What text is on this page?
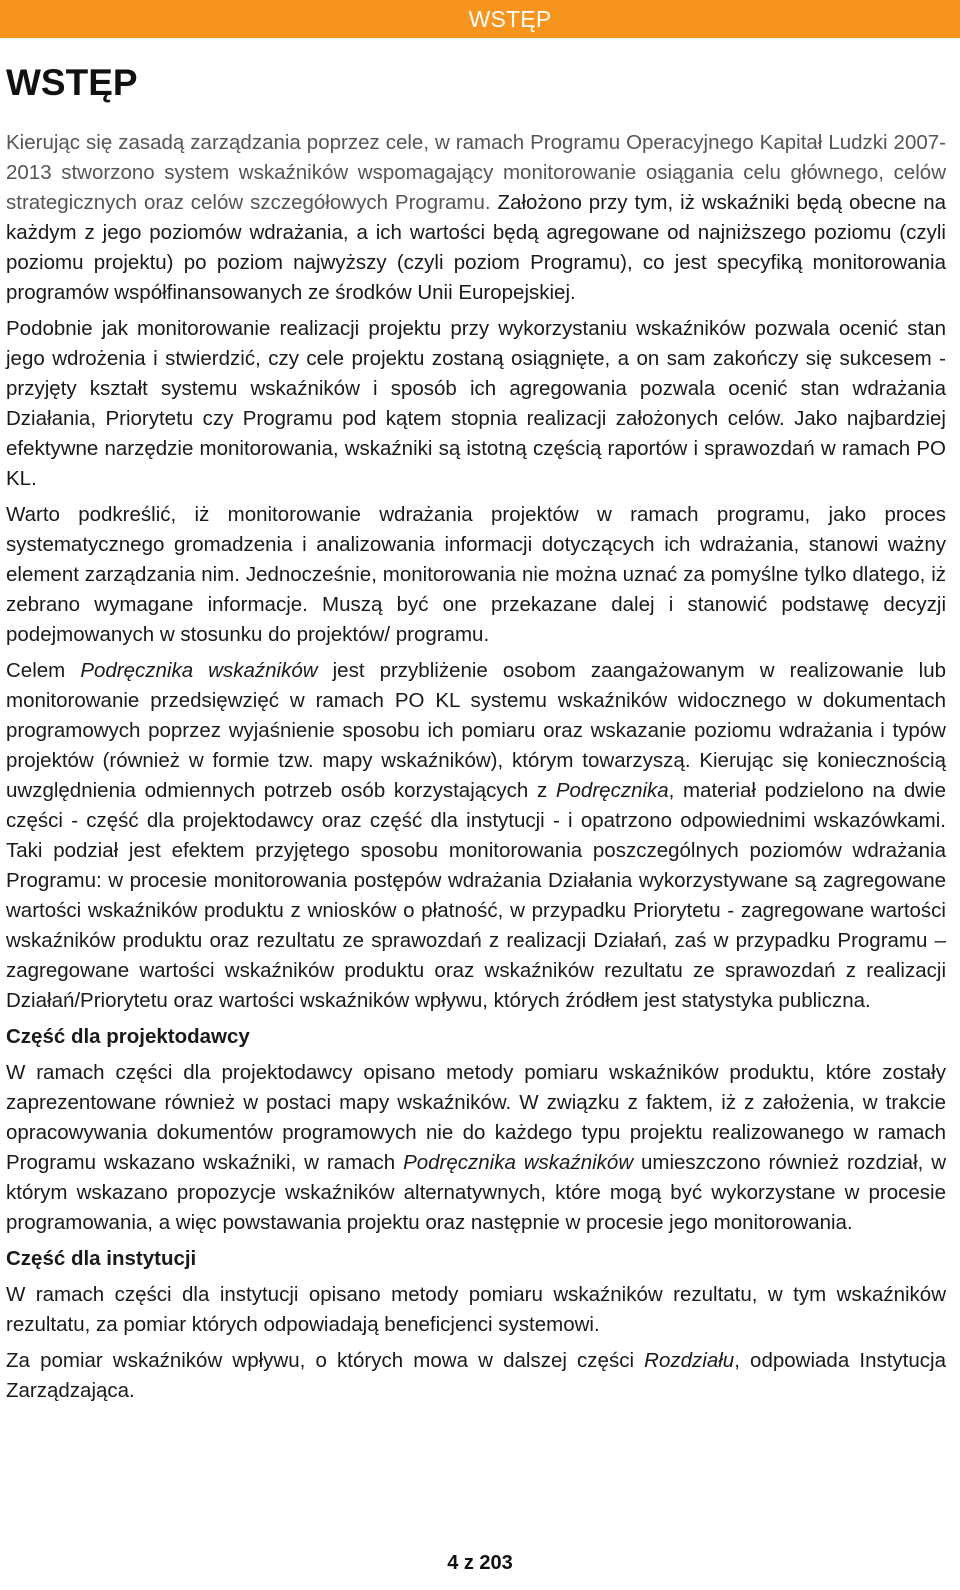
WSTĘP
WSTĘP

Kierując się zasadą zarządzania poprzez cele, w ramach Programu Operacyjnego Kapitał Ludzki 2007-2013 stworzono system wskaźników wspomagający monitorowanie osiągania celu głównego, celów strategicznych oraz celów szczegółowych Programu. Założono przy tym, iż wskaźniki będą obecne na każdym z jego poziomów wdrażania, a ich wartości będą agregowane od najniższego poziomu (czyli poziomu projektu) po poziom najwyższy (czyli poziom Programu), co jest specyfiką monitorowania programów współfinansowanych ze środków Unii Europejskiej.

Podobnie jak monitorowanie realizacji projektu przy wykorzystaniu wskaźników pozwala ocenić stan jego wdrożenia i stwierdzić, czy cele projektu zostaną osiągnięte, a on sam zakończy się sukcesem - przyjęty kształt systemu wskaźników i sposób ich agregowania pozwala ocenić stan wdrażania Działania, Priorytetu czy Programu pod kątem stopnia realizacji założonych celów. Jako najbardziej efektywne narzędzie monitorowania, wskaźniki są istotną częścią raportów i sprawozdań w ramach PO KL.

Warto podkreślić, iż monitorowanie wdrażania projektów w ramach programu, jako proces systematycznego gromadzenia i analizowania informacji dotyczących ich wdrażania, stanowi ważny element zarządzania nim. Jednocześnie, monitorowania nie można uznać za pomyślne tylko dlatego, iż zebrano wymagane informacje. Muszą być one przekazane dalej i stanowić podstawę decyzji podejmowanych w stosunku do projektów/ programu.

Celem Podręcznika wskaźników jest przybliżenie osobom zaangażowanym w realizowanie lub monitorowanie przedsięwzięć w ramach PO KL systemu wskaźników widocznego w dokumentach programowych poprzez wyjaśnienie sposobu ich pomiaru oraz wskazanie poziomu wdrażania i typów projektów (również w formie tzw. mapy wskaźników), którym towarzyszą. Kierując się koniecznością uwzględnienia odmiennych potrzeb osób korzystających z Podręcznika, materiał podzielono na dwie części - część dla projektodawcy oraz część dla instytucji - i opatrzono odpowiednimi wskazówkami. Taki podział jest efektem przyjętego sposobu monitorowania poszczególnych poziomów wdrażania Programu: w procesie monitorowania postępów wdrażania Działania wykorzystywane są zagregowane wartości wskaźników produktu z wniosków o płatność, w przypadku Priorytetu - zagregowane wartości wskaźników produktu oraz rezultatu ze sprawozdań z realizacji Działań, zaś w przypadku Programu – zagregowane wartości wskaźników produktu oraz wskaźników rezultatu ze sprawozdań z realizacji Działań/Priorytetu oraz wartości wskaźników wpływu, których źródłem jest statystyka publiczna.

Część dla projektodawcy

W ramach części dla projektodawcy opisano metody pomiaru wskaźników produktu, które zostały zaprezentowane również w postaci mapy wskaźników. W związku z faktem, iż z założenia, w trakcie opracowywania dokumentów programowych nie do każdego typu projektu realizowanego w ramach Programu wskazano wskaźniki, w ramach Podręcznika wskaźników umieszczono również rozdział, w którym wskazano propozycje wskaźników alternatywnych, które mogą być wykorzystane w procesie programowania, a więc powstawania projektu oraz następnie w procesie jego monitorowania.

Część dla instytucji

W ramach części dla instytucji opisano metody pomiaru wskaźników rezultatu, w tym wskaźników rezultatu, za pomiar których odpowiadają beneficjenci systemowi.

Za pomiar wskaźników wpływu, o których mowa w dalszej części Rozdziału, odpowiada Instytucja Zarządzająca.

4 z 203
